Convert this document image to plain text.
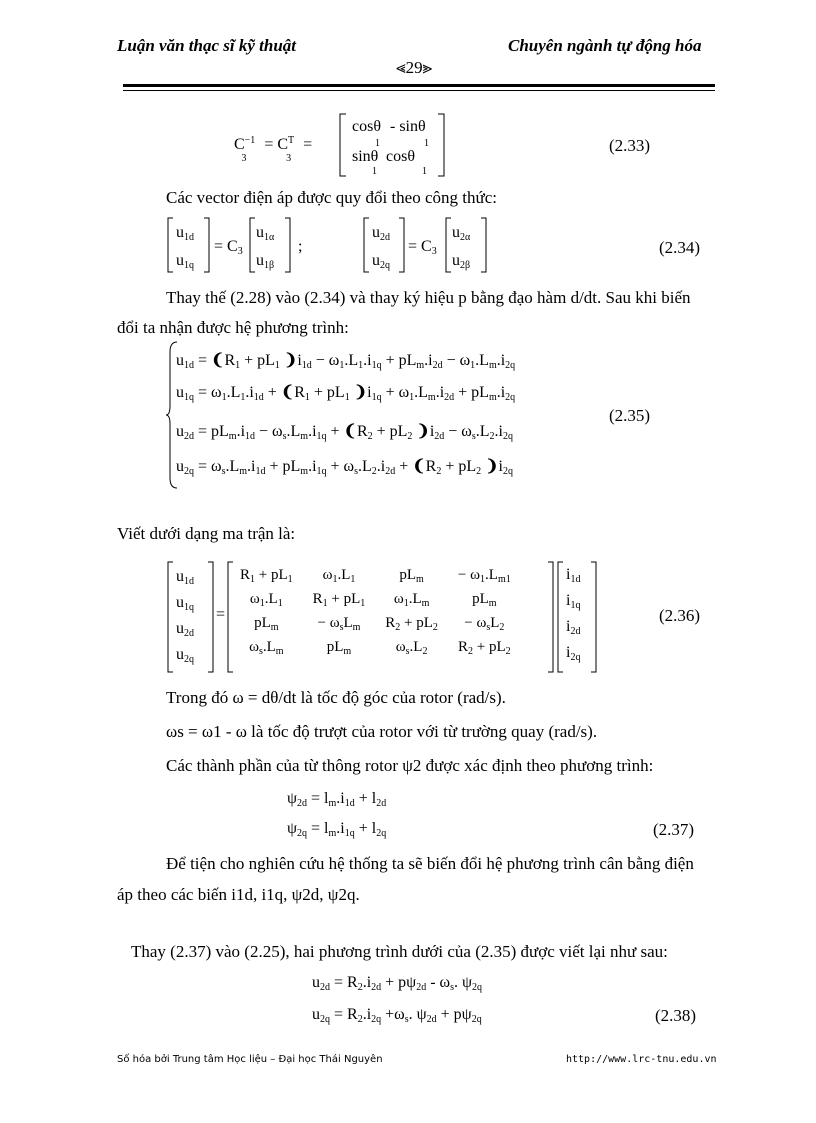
Luận văn thạc sĩ kỹ thuật	Chuyên ngành tự động hóa
⪡29⪢
$C^{-1}_3 = C^T_3$ =
cosθ - sinθ
1	1
sinθ cosθ
1	1
(2.33)
Các vector điện áp được quy đổi theo công thức:
$u_{1d}$
$u_{1q}$
= $C_3$
$u_{1\alpha}$
$u_{1\beta}$
;
$u_{2d}$
$u_{2q}$
= $C_3$
$u_{2\alpha}$
$u_{2\beta}$
(2.34)
Thay thế (2.28) vào (2.34) và thay ký hiệu p bằng đạo hàm d/dt. Sau khi biến
đổi ta nhận được hệ phương trình:
$u_{1d}$ = $❨R_1 + pL_1$ $❩i_{1d} - \omega_1.L_1.i_{1q} + pL_m.i_{2d} - \omega_1.L_m.i_{2q}$
$u_{1q} = \omega_1.L_1.i_{1d}$ + $❨R_1 + pL_1$ $❩i_{1q} + \omega_1.L_m.i_{2d} + pL_m.i_{2q}$
$u_{2d} = pL_m.i_{1d} - \omega_s.L_m.i_{1q}$ + $❨R_2 + pL_2$ $❩i_{2d} - \omega_s.L_2.i_{2q}$
$u_{2q} = \omega_s.L_m.i_{1d} + pL_m.i_{1q} + \omega_s.L_2.i_{2d}$ + $❨R_2 + pL_2$ $❩i_{2q}$
(2.35)
Viết dưới dạng ma trận là:
$u_{1d}$
$u_{1q}$
$u_{2d}$
$u_{2q}$
=
$R_1 + pL_1$	$\omega_1.L_1$	$pL_m$	− $\omega_1.L_{m1}$
$\omega_1.L_1$	$R_1 + pL_1$	$\omega_1.L_m$	$pL_m$
$pL_m$	− $\omega_sL_m$	$R_2 + pL_2$	− $\omega_sL_2$
$\omega_s.L_m$	$pL_m$	$\omega_s.L_2$	$R_2 + pL_2$
$i_{1d}$
$i_{1q}$
$i_{2d}$
$i_{2q}$
(2.36)
Trong đó ω = dθ/dt là tốc độ góc của rotor (rad/s).
ωs = ω1 - ω là tốc độ trượt của rotor với từ trường quay (rad/s).
Các thành phần của từ thông rotor ψ2 được xác định theo phương trình:
$\psi_{2d} = l_m.i_{1d} + l_{2d}$
$\psi_{2q} = l_m.i_{1q} + l_{2q}$	(2.37)
Để tiện cho nghiên cứu hệ thống ta sẽ biến đổi hệ phương trình cân bằng điện
áp theo các biến i1d, i1q, ψ2d, ψ2q.
Thay (2.37) vào (2.25), hai phương trình dưới của (2.35) được viết lại như sau:
$u_{2d} = R_2.i_{2d} + p\psi_{2d} - \omega_s$. $\psi_{2q}$
$u_{2q} = R_2.i_{2q} +\omega_s$. $\psi_{2d} + p\psi_{2q}$	(2.38)
Số hóa bởi Trung tâm Học liệu – Đại học Thái Nguyên	http://www.lrc-tnu.edu.vn
